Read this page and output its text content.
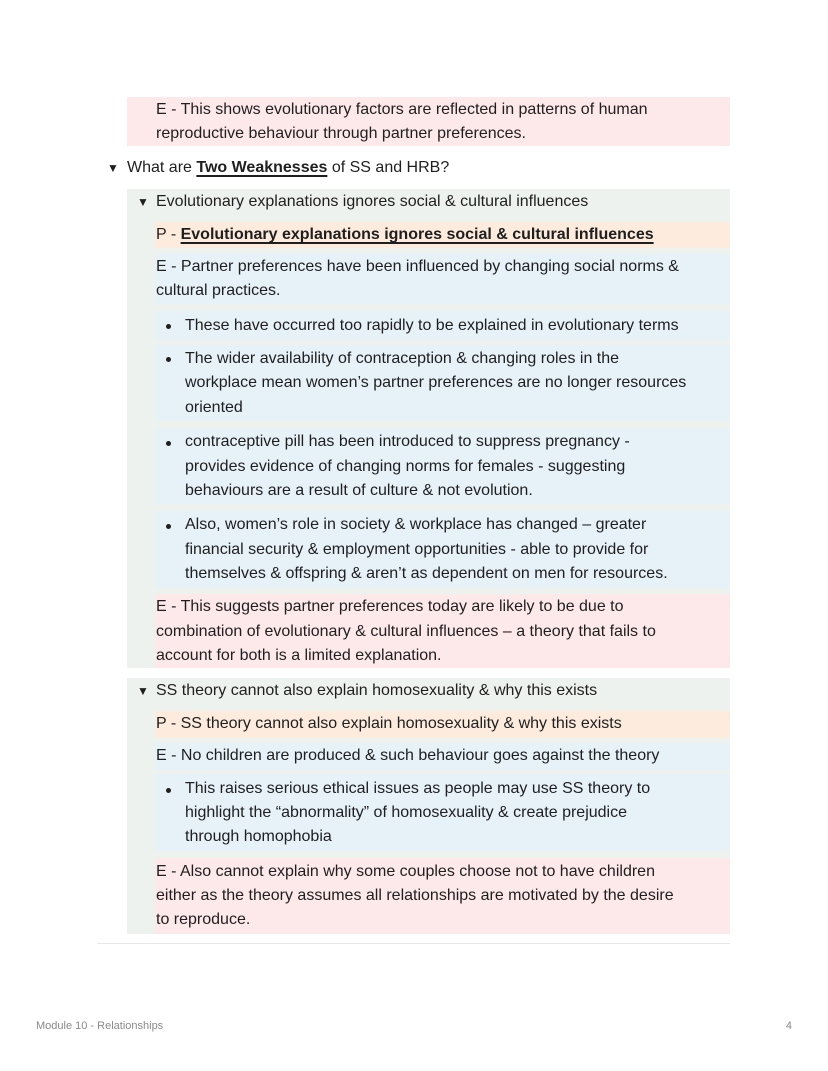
E - This shows evolutionary factors are reflected in patterns of human
reproductive behaviour through partner preferences.
▼ What are Two Weaknesses of SS and HRB?
▼ Evolutionary explanations ignores social & cultural influences
P - Evolutionary explanations ignores social & cultural influences
E - Partner preferences have been influenced by changing social norms &
cultural practices.
These have occurred too rapidly to be explained in evolutionary terms
The wider availability of contraception & changing roles in the
workplace mean women’s partner preferences are no longer resources
oriented
contraceptive pill has been introduced to suppress pregnancy -
provides evidence of changing norms for females - suggesting
behaviours are a result of culture & not evolution.
Also, women’s role in society & workplace has changed – greater
financial security & employment opportunities - able to provide for
themselves & offspring & aren’t as dependent on men for resources.
E - This suggests partner preferences today are likely to be due to
combination of evolutionary & cultural influences – a theory that fails to
account for both is a limited explanation.
▼ SS theory cannot also explain homosexuality & why this exists
P - SS theory cannot also explain homosexuality & why this exists
E - No children are produced & such behaviour goes against the theory
This raises serious ethical issues as people may use SS theory to
highlight the “abnormality” of homosexuality & create prejudice
through homophobia
E - Also cannot explain why some couples choose not to have children
either as the theory assumes all relationships are motivated by the desire
to reproduce.
Module 10 - Relationships	4
